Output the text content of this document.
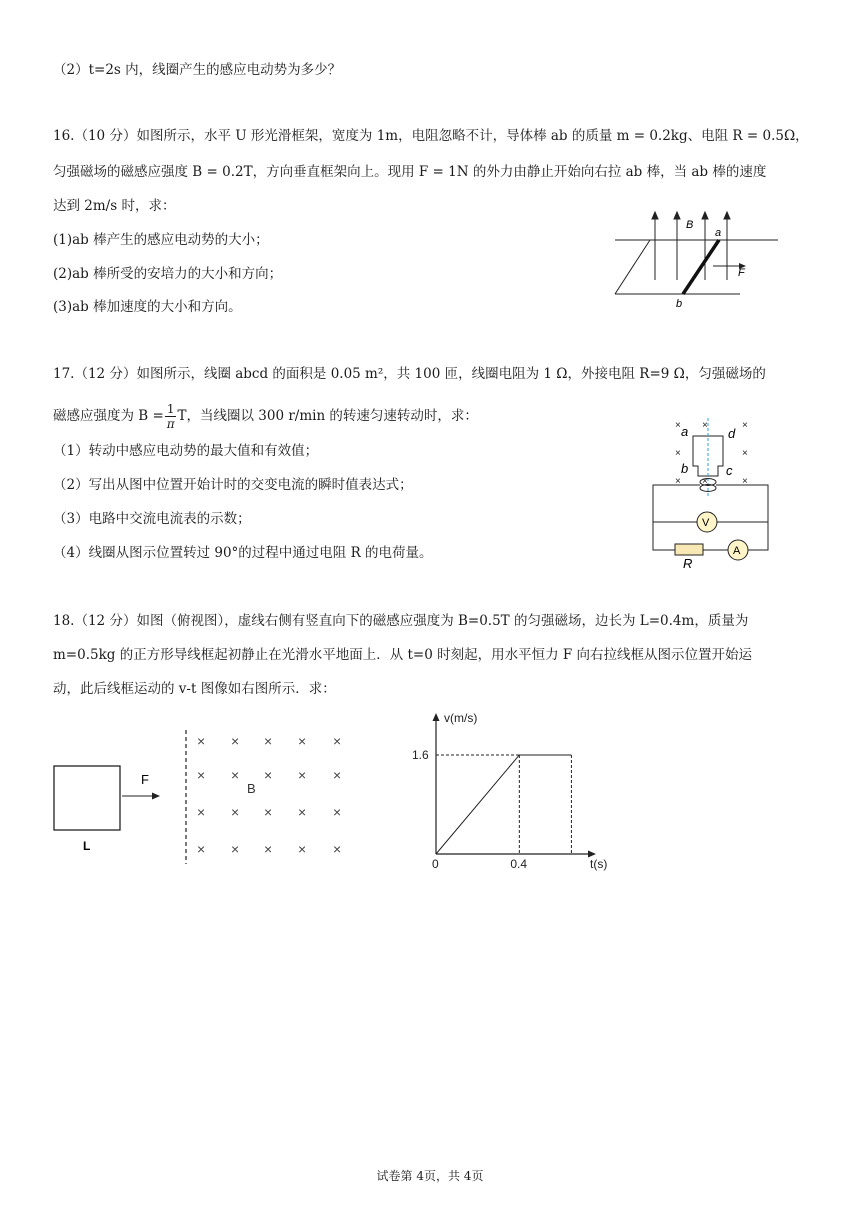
（2）t=2s 内，线圈产生的感应电动势为多少？
16.（10 分）如图所示，水平 U 形光滑框架，宽度为 1m，电阻忽略不计，导体棒 ab 的质量 m = 0.2kg、电阻 R = 0.5Ω，
匀强磁场的磁感应强度 B = 0.2T，方向垂直框架向上。现用 F = 1N 的外力由静止开始向右拉 ab 棒，当 ab 棒的速度
达到 2m/s 时，求：
(1)ab 棒产生的感应电动势的大小；
(2)ab 棒所受的安培力的大小和方向；
(3)ab 棒加速度的大小和方向。
B
a
b
F
17.（12 分）如图所示，线圈 abcd 的面积是 0.05 m²，共 100 匝，线圈电阻为 1 Ω，外接电阻 R=9 Ω，匀强磁场的
磁感应强度为 $B = \frac{1}{\pi}$ T，当线圈以 300 r/min 的转速匀速转动时，求：
（1）转动中感应电动势的最大值和有效值；
（2）写出从图中位置开始计时的交变电流的瞬时值表达式；
（3）电路中交流电流表的示数；
（4）线圈从图示位置转过 90°的过程中通过电阻 R 的电荷量。
× ×	×
×	×
× ×	×
V
A
a	d
b	c
R
18.（12 分）如图（俯视图），虚线右侧有竖直向下的磁感应强度为 B=0.5T 的匀强磁场，边长为 L=0.4m，质量为
m=0.5kg 的正方形导线框起初静止在光滑水平地面上．从 t=0 时刻起，用水平恒力 F 向右拉线框从图示位置开始运
动，此后线框运动的 v-t 图像如右图所示．求：
F
L
× × × × ×
× × × × ×
× × × × ×
× × × × ×
B
v(m/s)
t(s)
0	0.4
1.6
试卷第 4页，共 4页
